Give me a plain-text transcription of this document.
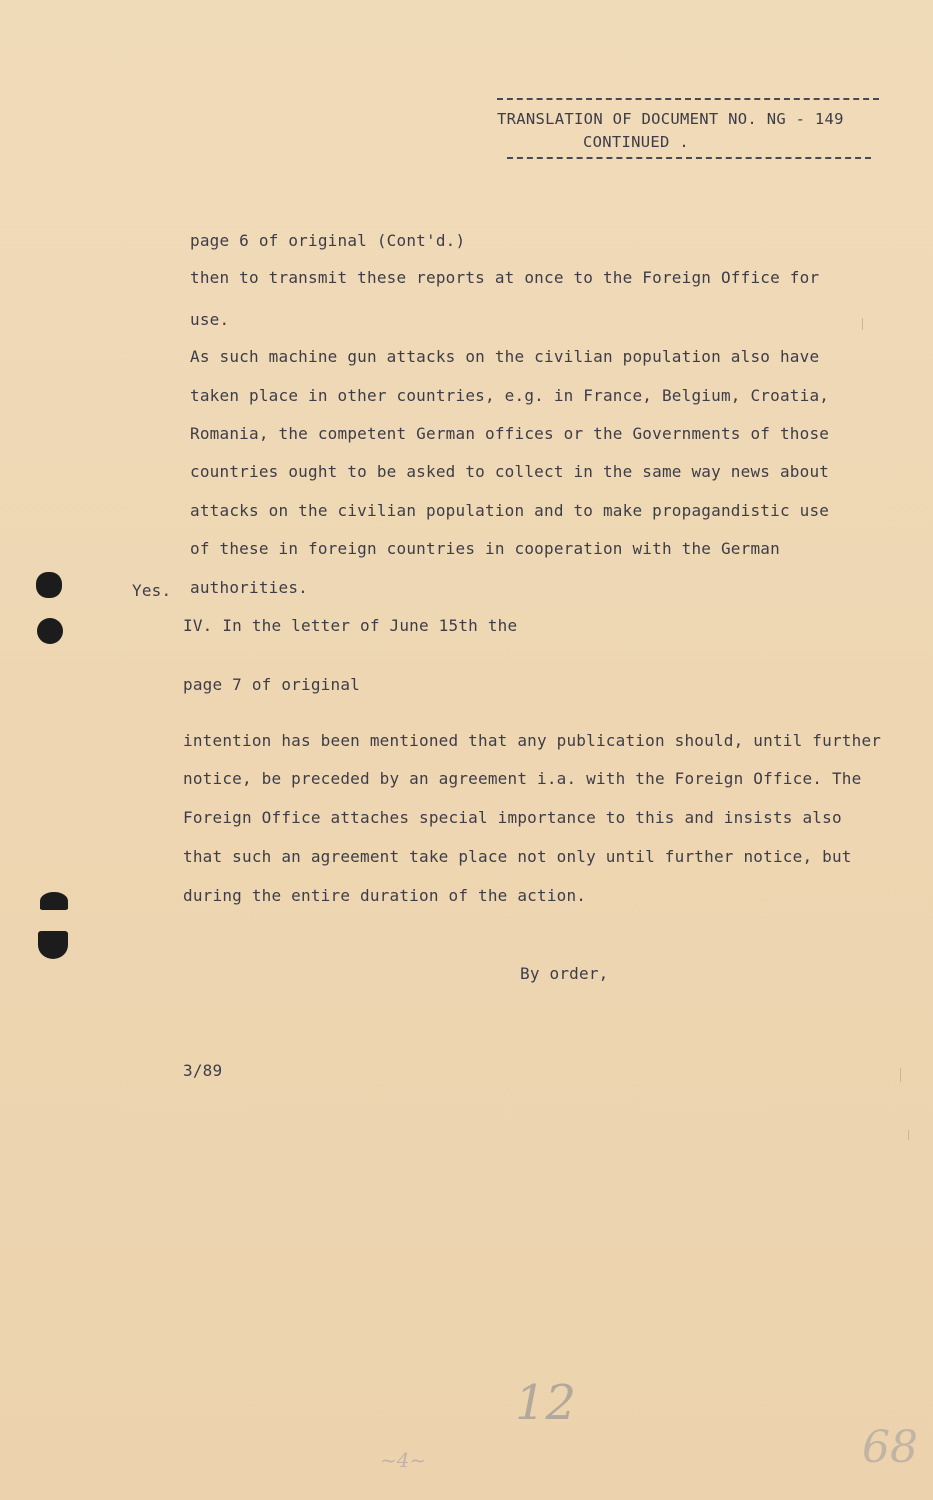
TRANSLATION OF DOCUMENT NO. NG - 149
CONTINUED .
page 6 of original (Cont'd.)
then to transmit these reports at once to the Foreign Office for
use.
As such machine gun attacks on the civilian population also have
taken place in other countries, e.g. in France, Belgium, Croatia,
Romania, the competent German offices or the Governments of those
countries ought to be asked to collect in the same way news about
attacks on the civilian population and to make propagandistic use
of these in foreign countries in cooperation with the German
Yes. authorities.
IV. In the letter of June 15th the
page 7 of original
intention has been mentioned that any publication should, until further
notice, be preceded by an agreement i.a. with the Foreign Office. The
Foreign Office attaches special importance to this and insists also
that such an agreement take place not only until further notice, but
during the entire duration of the action.
By order,
3/89
12
68
~4~
